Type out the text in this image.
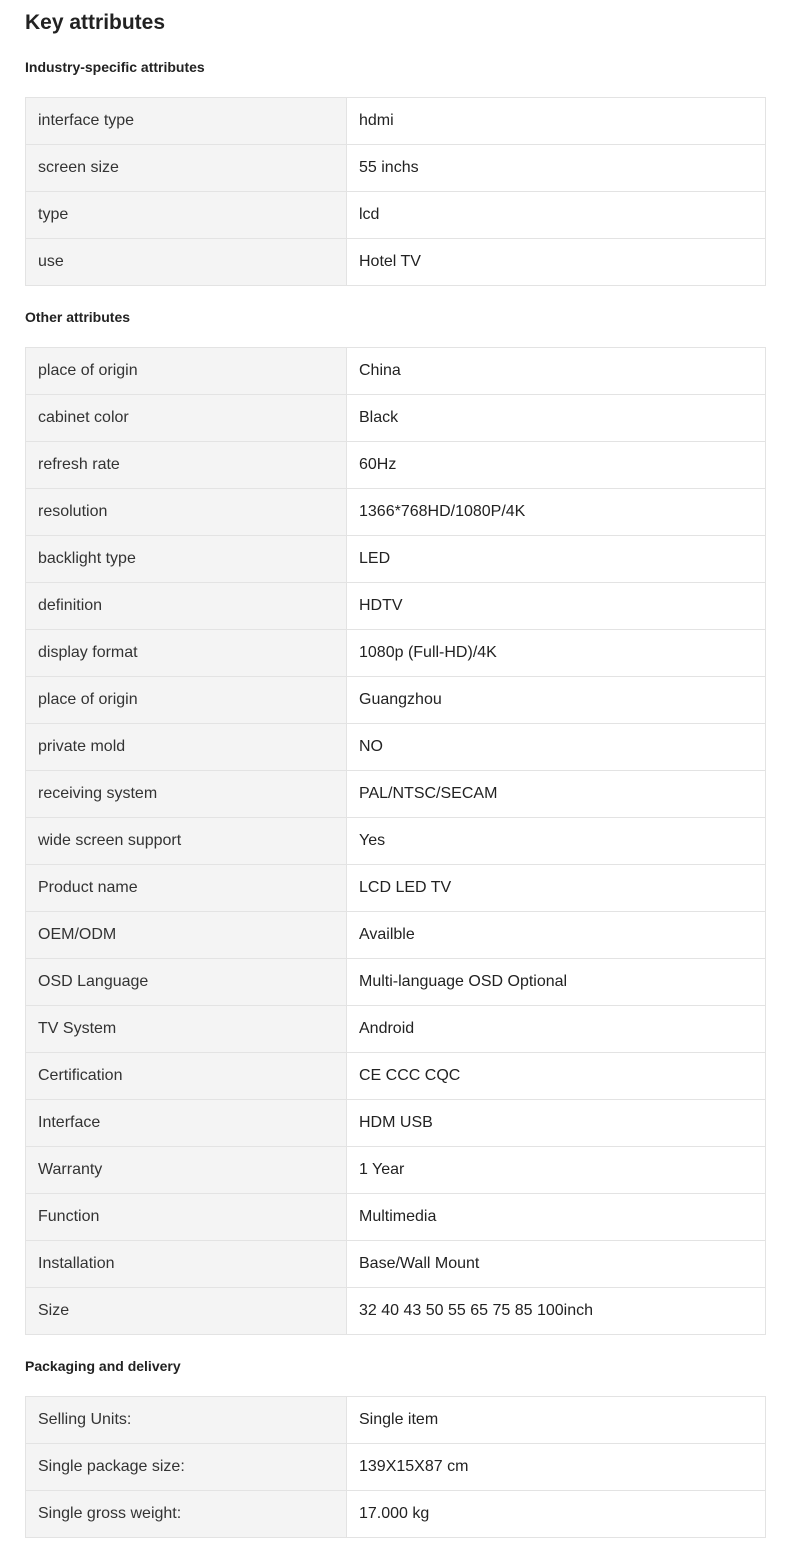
Key attributes
Industry-specific attributes
interface type	hdmi
screen size	55 inchs
type	lcd
use	Hotel TV
Other attributes
place of origin	China
cabinet color	Black
refresh rate	60Hz
resolution	1366*768HD/1080P/4K
backlight type	LED
definition	HDTV
display format	1080p (Full-HD)/4K
place of origin	Guangzhou
private mold	NO
receiving system	PAL/NTSC/SECAM
wide screen support	Yes
Product name	LCD LED TV
OEM/ODM	Availble
OSD Language	Multi-language OSD Optional
TV System	Android
Certification	CE CCC CQC
Interface	HDM USB
Warranty	1 Year
Function	Multimedia
Installation	Base/Wall Mount
Size	32 40 43 50 55 65 75 85 100inch
Packaging and delivery
Selling Units:	Single item
Single package size:	139X15X87 cm
Single gross weight:	17.000 kg
